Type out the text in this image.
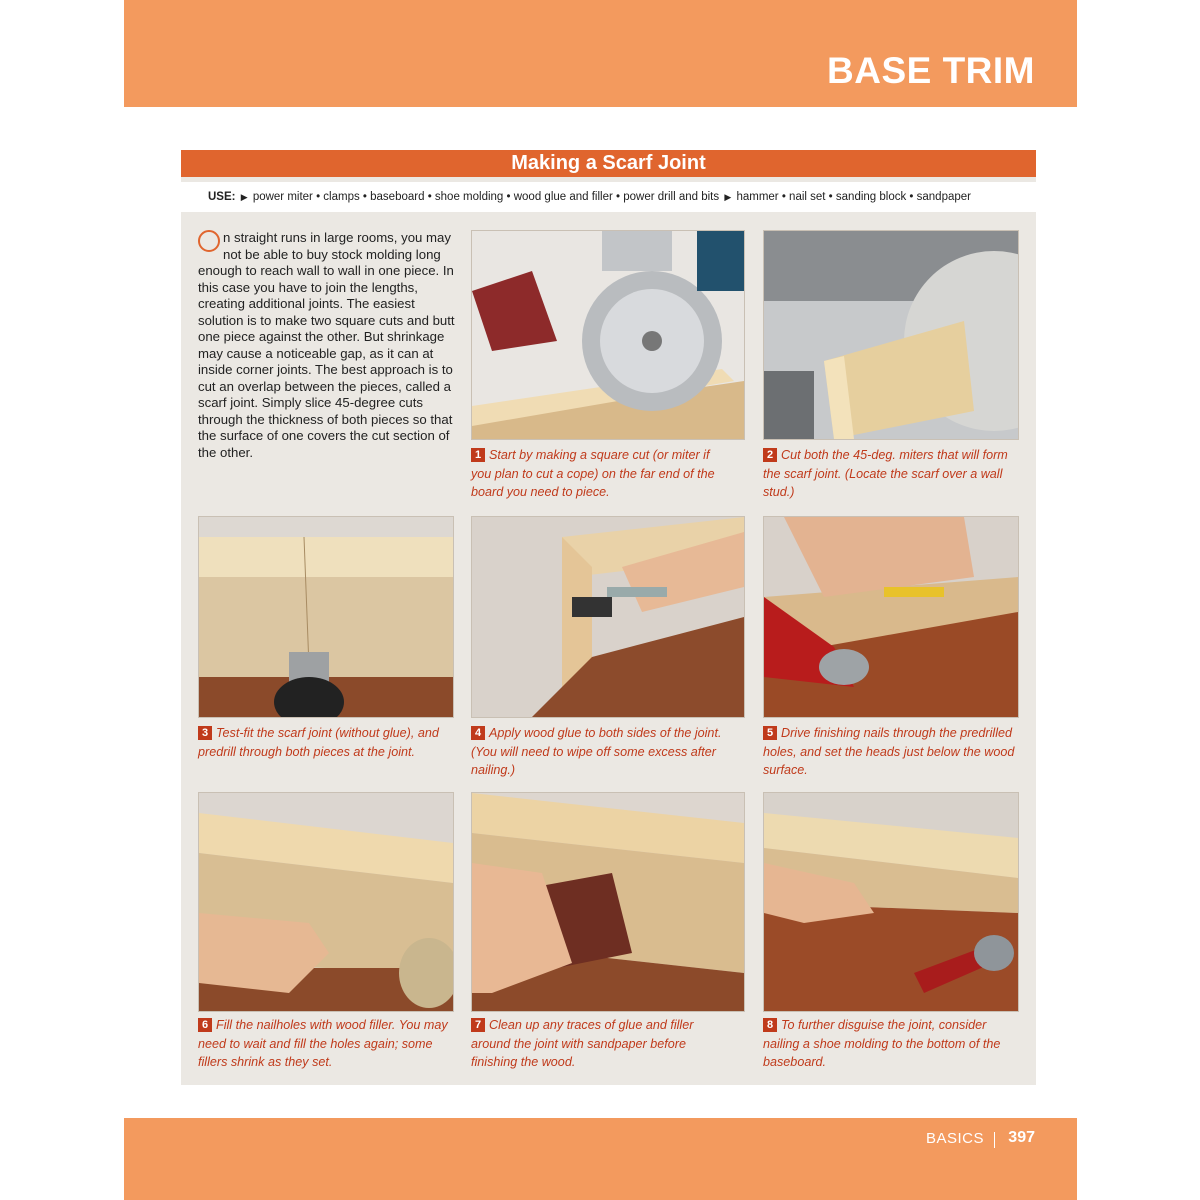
BASE TRIM
Making a Scarf Joint
USE: ▶ power miter • clamps • baseboard • shoe molding • wood glue and filler • power drill and bits ▶ hammer • nail set • sanding block • sandpaper
n straight runs in large rooms, you may not be able to buy stock molding long enough to reach wall to wall in one piece. In this case you have to join the lengths, creating additional joints. The easiest solution is to make two square cuts and butt one piece against the other. But shrinkage may cause a noticeable gap, as it can at inside corner joints. The best approach is to cut an overlap between the pieces, called a scarf joint. Simply slice 45-degree cuts through the thickness of both pieces so that the surface of one covers the cut section of the other.	1 Start by making a square cut (or miter if you plan to cut a cope) on the far end of the board you need to piece.
2 Cut both the 45-deg. miters that will form the scarf joint. (Locate the scarf over a wall stud.)
3 Test-fit the scarf joint (without glue), and predrill through both pieces at the joint.
4 Apply wood glue to both sides of the joint. (You will need to wipe off some excess after nailing.)
5 Drive finishing nails through the predrilled holes, and set the heads just below the wood surface.
6 Fill the nailholes with wood filler. You may need to wait and fill the holes again; some fillers shrink as they set.
7 Clean up any traces of glue and filler around the joint with sandpaper before finishing the wood.
8 To further disguise the joint, consider nailing a shoe molding to the bottom of the baseboard.
BASICS 397
